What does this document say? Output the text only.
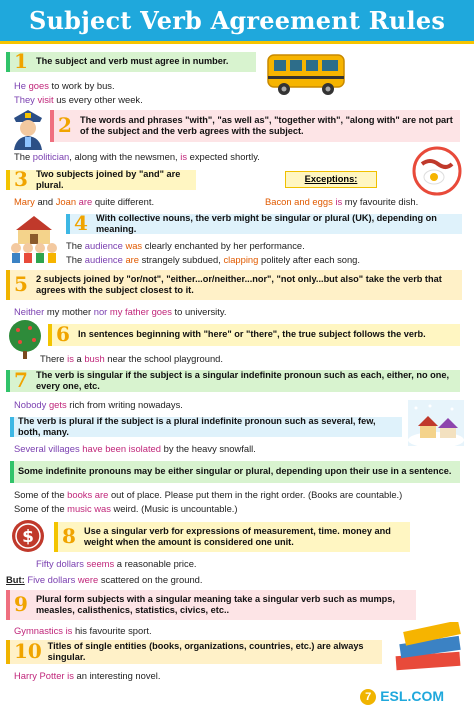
Subject Verb Agreement Rules
1 The subject and verb must agree in number.
He goes to work by bus.
They visit us every other week.
2 The words and phrases "with", "as well as", "together with", "along with" are not part of the subject and the verb agrees with the subject.
The politician, along with the newsmen, is expected shortly.
3 Two subjects joined by "and" are plural.
Exceptions:
Mary and Joan are quite different.	Bacon and eggs is my favourite dish.
4 With collective nouns, the verb might be singular or plural (UK), depending on meaning.
The audience was clearly enchanted by her performance.
The audience are strangely subdued, clapping politely after each song.
5 2 subjects joined by "or/not", "either...or/neither...nor", "not only...but also" take the verb that agrees with the subject closest to it.
Neither my mother nor my father goes to university.
6 In sentences beginning with "here" or "there", the true subject follows the verb.
There is a bush near the school playground.
7 The verb is singular if the subject is a singular indefinite pronoun such as each, either, no one, every one, etc.
Nobody gets rich from writing nowadays.
The verb is plural if the subject is a plural indefinite pronoun such as several, few, both, many.
Several villages have been isolated by the heavy snowfall.
Some indefinite pronouns may be either singular or plural, depending upon their use in a sentence.
Some of the books are out of place. Please put them in the right order. (Books are countable.)
Some of the music was weird. (Music is uncountable.)
$ 8 Use a singular verb for expressions of measurement, time. money and weight when the amount is considered one unit.
Fifty dollars seems a reasonable price.
But: Five dollars were scattered on the ground.
9 Plural form subjects with a singular meaning take a singular verb such as mumps, measles, calisthenics, statistics, civics, etc..
Gymnastics is his favourite sport.
10 Titles of single entities (books, organizations, countries, etc.) are always singular.
Harry Potter is an interesting novel.
7 ESL.COM
